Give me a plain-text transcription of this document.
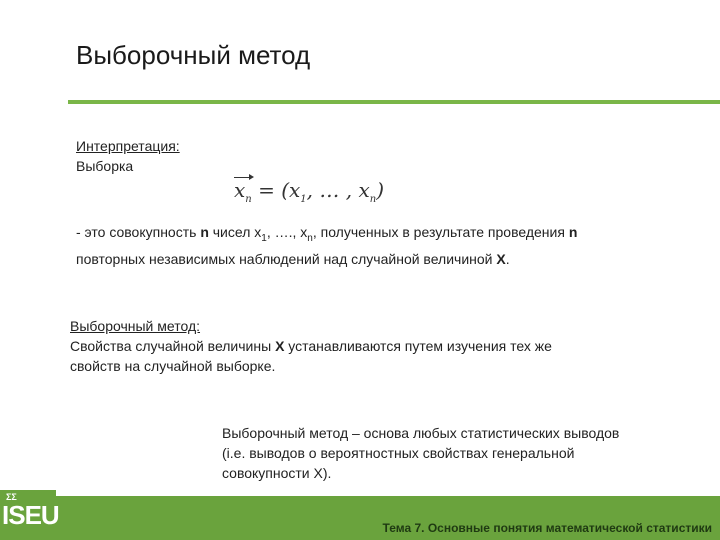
Выборочный метод
Интерпретация:
Выборка
$x_n = (x_1$, … , $x_n$)
- это совокупность n чисел $x_1$, …., $x_n$, полученных в результате проведения n
повторных независимых наблюдений над случайной величиной X.
Выборочный метод:
Свойства случайной величины X устанавливаются путем изучения тех же
свойств на случайной выборке.
Выборочный метод – основа любых статистических выводов
(i.e. выводов о вероятностных свойствах генеральной
совокупности X).
ΣΣ
ISEU	Тема 7. Основные понятия математической статистики
